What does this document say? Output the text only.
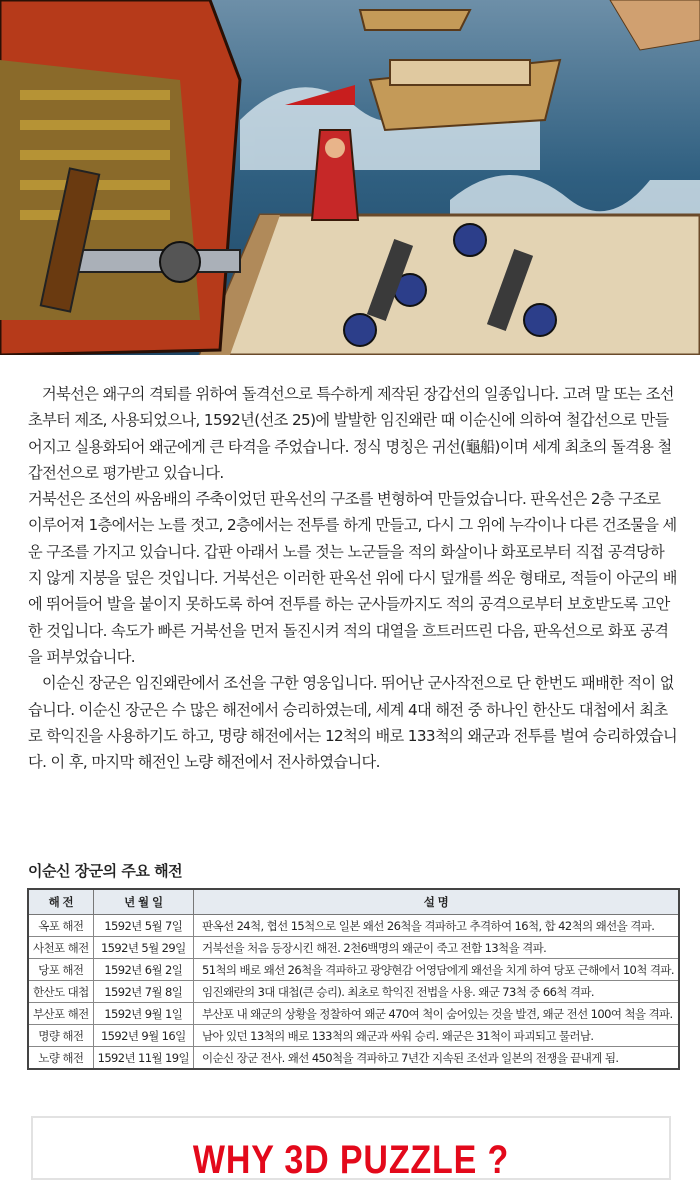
거북선은 왜구의 격퇴를 위하여 돌격선으로 특수하게 제작된 장갑선의 일종입니다. 고려 말 또는 조선초부터 제조, 사용되었으나, 1592년(선조 25)에 발발한 임진왜란 때 이순신에 의하여 철갑선으로 만들어지고 실용화되어 왜군에게 큰 타격을 주었습니다. 정식 명칭은 귀선(龜船)이며 세계 최초의 돌격용 철갑전선으로 평가받고 있습니다.

거북선은 조선의 싸움배의 주축이었던 판옥선의 구조를 변형하여 만들었습니다. 판옥선은 2층 구조로 이루어져 1층에서는 노를 젓고, 2층에서는 전투를 하게 만들고, 다시 그 위에 누각이나 다른 건조물을 세운 구조를 가지고 있습니다. 갑판 아래서 노를 젓는 노군들을 적의 화살이나 화포로부터 직접 공격당하지 않게 지붕을 덮은 것입니다. 거북선은 이러한 판옥선 위에 다시 덮개를 씌운 형태로, 적들이 아군의 배에 뛰어들어 발을 붙이지 못하도록 하여 전투를 하는 군사들까지도 적의 공격으로부터 보호받도록 고안한 것입니다. 속도가 빠른 거북선을 먼저 돌진시켜 적의 대열을 흐트러뜨린 다음, 판옥선으로 화포 공격을 퍼부었습니다.

이순신 장군은 임진왜란에서 조선을 구한 영웅입니다. 뛰어난 군사작전으로 단 한번도 패배한 적이 없습니다. 이순신 장군은 수 많은 해전에서 승리하였는데, 세계 4대 해전 중 하나인 한산도 대첩에서 최초로 학익진을 사용하기도 하고, 명량 해전에서는 12척의 배로 133척의 왜군과 전투를 벌여 승리하였습니다. 이 후, 마지막 해전인 노량 해전에서 전사하였습니다.

이순신 장군의 주요 해전
해 전	년 월 일	설 명
옥포 해전	1592년 5월 7일	판옥선 24척, 협선 15척으로 일본 왜선 26척을 격파하고 추격하여 16척, 합 42척의 왜선을 격파.
사천포 해전	1592년 5월 29일	거북선을 처음 등장시킨 해전. 2천6백명의 왜군이 죽고 전함 13척을 격파.
당포 해전	1592년 6월 2일	51척의 배로 왜선 26척을 격파하고 광양현감 어영담에게 왜선을 치게 하여 당포 근해에서 10척 격파.
한산도 대첩	1592년 7월 8일	임진왜란의 3대 대첩(큰 승리). 최초로 학익진 전법을 사용. 왜군 73척 중 66척 격파.
부산포 해전	1592년 9월 1일	부산포 내 왜군의 상황을 정찰하여 왜군 470여 척이 숨어있는 것을 발견, 왜군 전선 100여 척을 격파.
명량 해전	1592년 9월 16일	남아 있던 13척의 배로 133척의 왜군과 싸워 승리. 왜군은 31척이 파괴되고 물러남.
노량 해전	1592년 11월 19일	이순신 장군 전사. 왜선 450척을 격파하고 7년간 지속된 조선과 일본의 전쟁을 끝내게 됨.
WHY 3D PUZZLE ?
